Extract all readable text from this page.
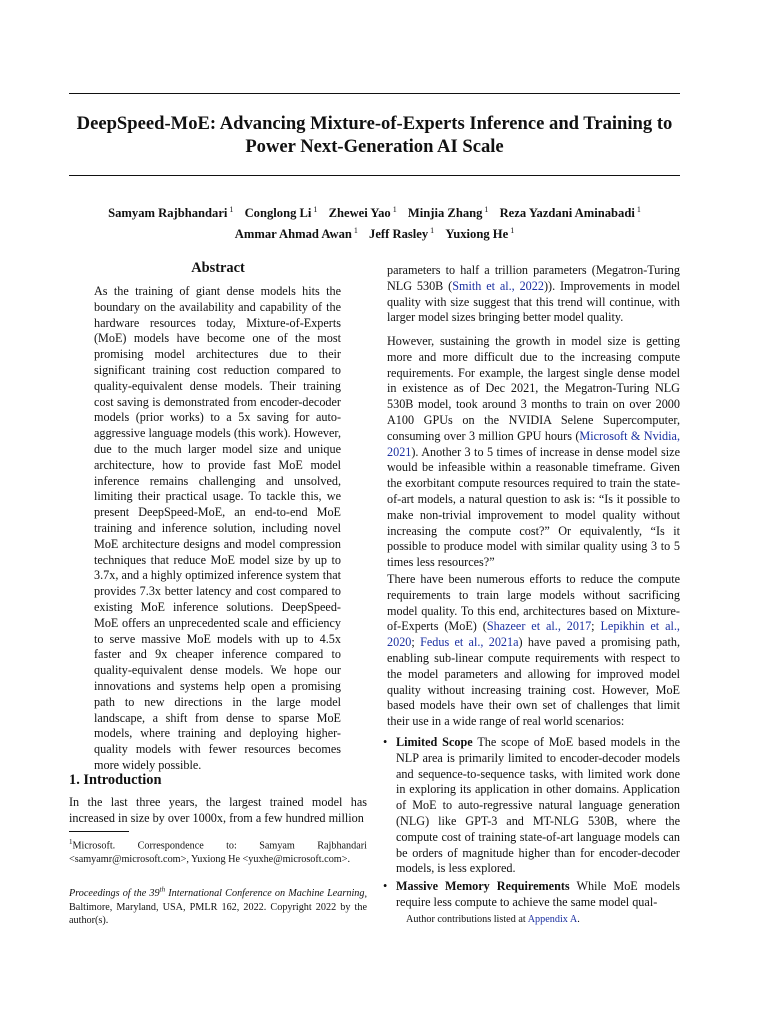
DeepSpeed-MoE: Advancing Mixture-of-Experts Inference and Training to
Power Next-Generation AI Scale
Samyam Rajbhandari $^1$ Conglong Li $^1$ Zhewei Yao $^1$ Minjia Zhang $^1$ Reza Yazdani Aminabadi $^1$
Ammar Ahmad Awan $^1$ Jeff Rasley $^1$ Yuxiong He $^1$
Abstract

As the training of giant dense models hits the boundary on the availability and capability of the hardware resources today, Mixture-of-Experts (MoE) models have become one of the most promising model architectures due to their significant training cost reduction compared to quality-equivalent dense models. Their training cost saving is demonstrated from encoder-decoder models (prior works) to a 5x saving for auto-aggressive language models (this work). However, due to the much larger model size and unique architecture, how to provide fast MoE model inference remains challenging and unsolved, limiting their practical usage. To tackle this, we present DeepSpeed-MoE, an end-to-end MoE training and inference solution, including novel MoE architecture designs and model compression techniques that reduce MoE model size by up to 3.7x, and a highly optimized inference system that provides 7.3x better latency and cost compared to existing MoE inference solutions. DeepSpeed-MoE offers an unprecedented scale and efficiency to serve massive MoE models with up to 4.5x faster and 9x cheaper inference compared to quality-equivalent dense models. We hope our innovations and systems help open a promising path to new directions in the large model landscape, a shift from dense to sparse MoE models, where training and deploying higher-quality models with fewer resources becomes more widely possible.

1. Introduction

In the last three years, the largest trained model has increased in size by over 1000x, from a few hundred million

$^1$Microsoft. Correspondence to: Samyam Rajbhandari <samyamr@microsoft.com>, Yuxiong He <yuxhe@microsoft.com>.

Proceedings of the 39th International Conference on Machine Learning, Baltimore, Maryland, USA, PMLR 162, 2022. Copyright 2022 by the author(s).

parameters to half a trillion parameters (Megatron-Turing NLG 530B (Smith et al., 2022)). Improvements in model quality with size suggest that this trend will continue, with larger model sizes bringing better model quality.

However, sustaining the growth in model size is getting more and more difficult due to the increasing compute requirements. For example, the largest single dense model in existence as of Dec 2021, the Megatron-Turing NLG 530B model, took around 3 months to train on over 2000 A100 GPUs on the NVIDIA Selene Supercomputer, consuming over 3 million GPU hours (Microsoft & Nvidia, 2021). Another 3 to 5 times of increase in dense model size would be infeasible within a reasonable timeframe. Given the exorbitant compute resources required to train the state-of-art models, a natural question to ask is: “Is it possible to make non-trivial improvement to model quality without increasing the compute cost?” Or equivalently, “Is it possible to produce model with similar quality using 3 to 5 times less resources?”

There have been numerous efforts to reduce the compute requirements to train large models without sacrificing model quality. To this end, architectures based on Mixture-of-Experts (MoE) (Shazeer et al., 2017; Lepikhin et al., 2020; Fedus et al., 2021a) have paved a promising path, enabling sub-linear compute requirements with respect to the model parameters and allowing for improved model quality without increasing training cost. However, MoE based models have their own set of challenges that limit their use in a wide range of real world scenarios:

• Limited Scope The scope of MoE based models in the NLP area is primarily limited to encoder-decoder models and sequence-to-sequence tasks, with limited work done in exploring its application in other domains. Application of MoE to auto-regressive natural language generation (NLG) like GPT-3 and MT-NLG 530B, where the compute cost of training state-of-art language models can be orders of magnitude higher than for encoder-decoder models, is less explored.
• Massive Memory Requirements While MoE models require less compute to achieve the same model qual-

Author contributions listed at Appendix A.
